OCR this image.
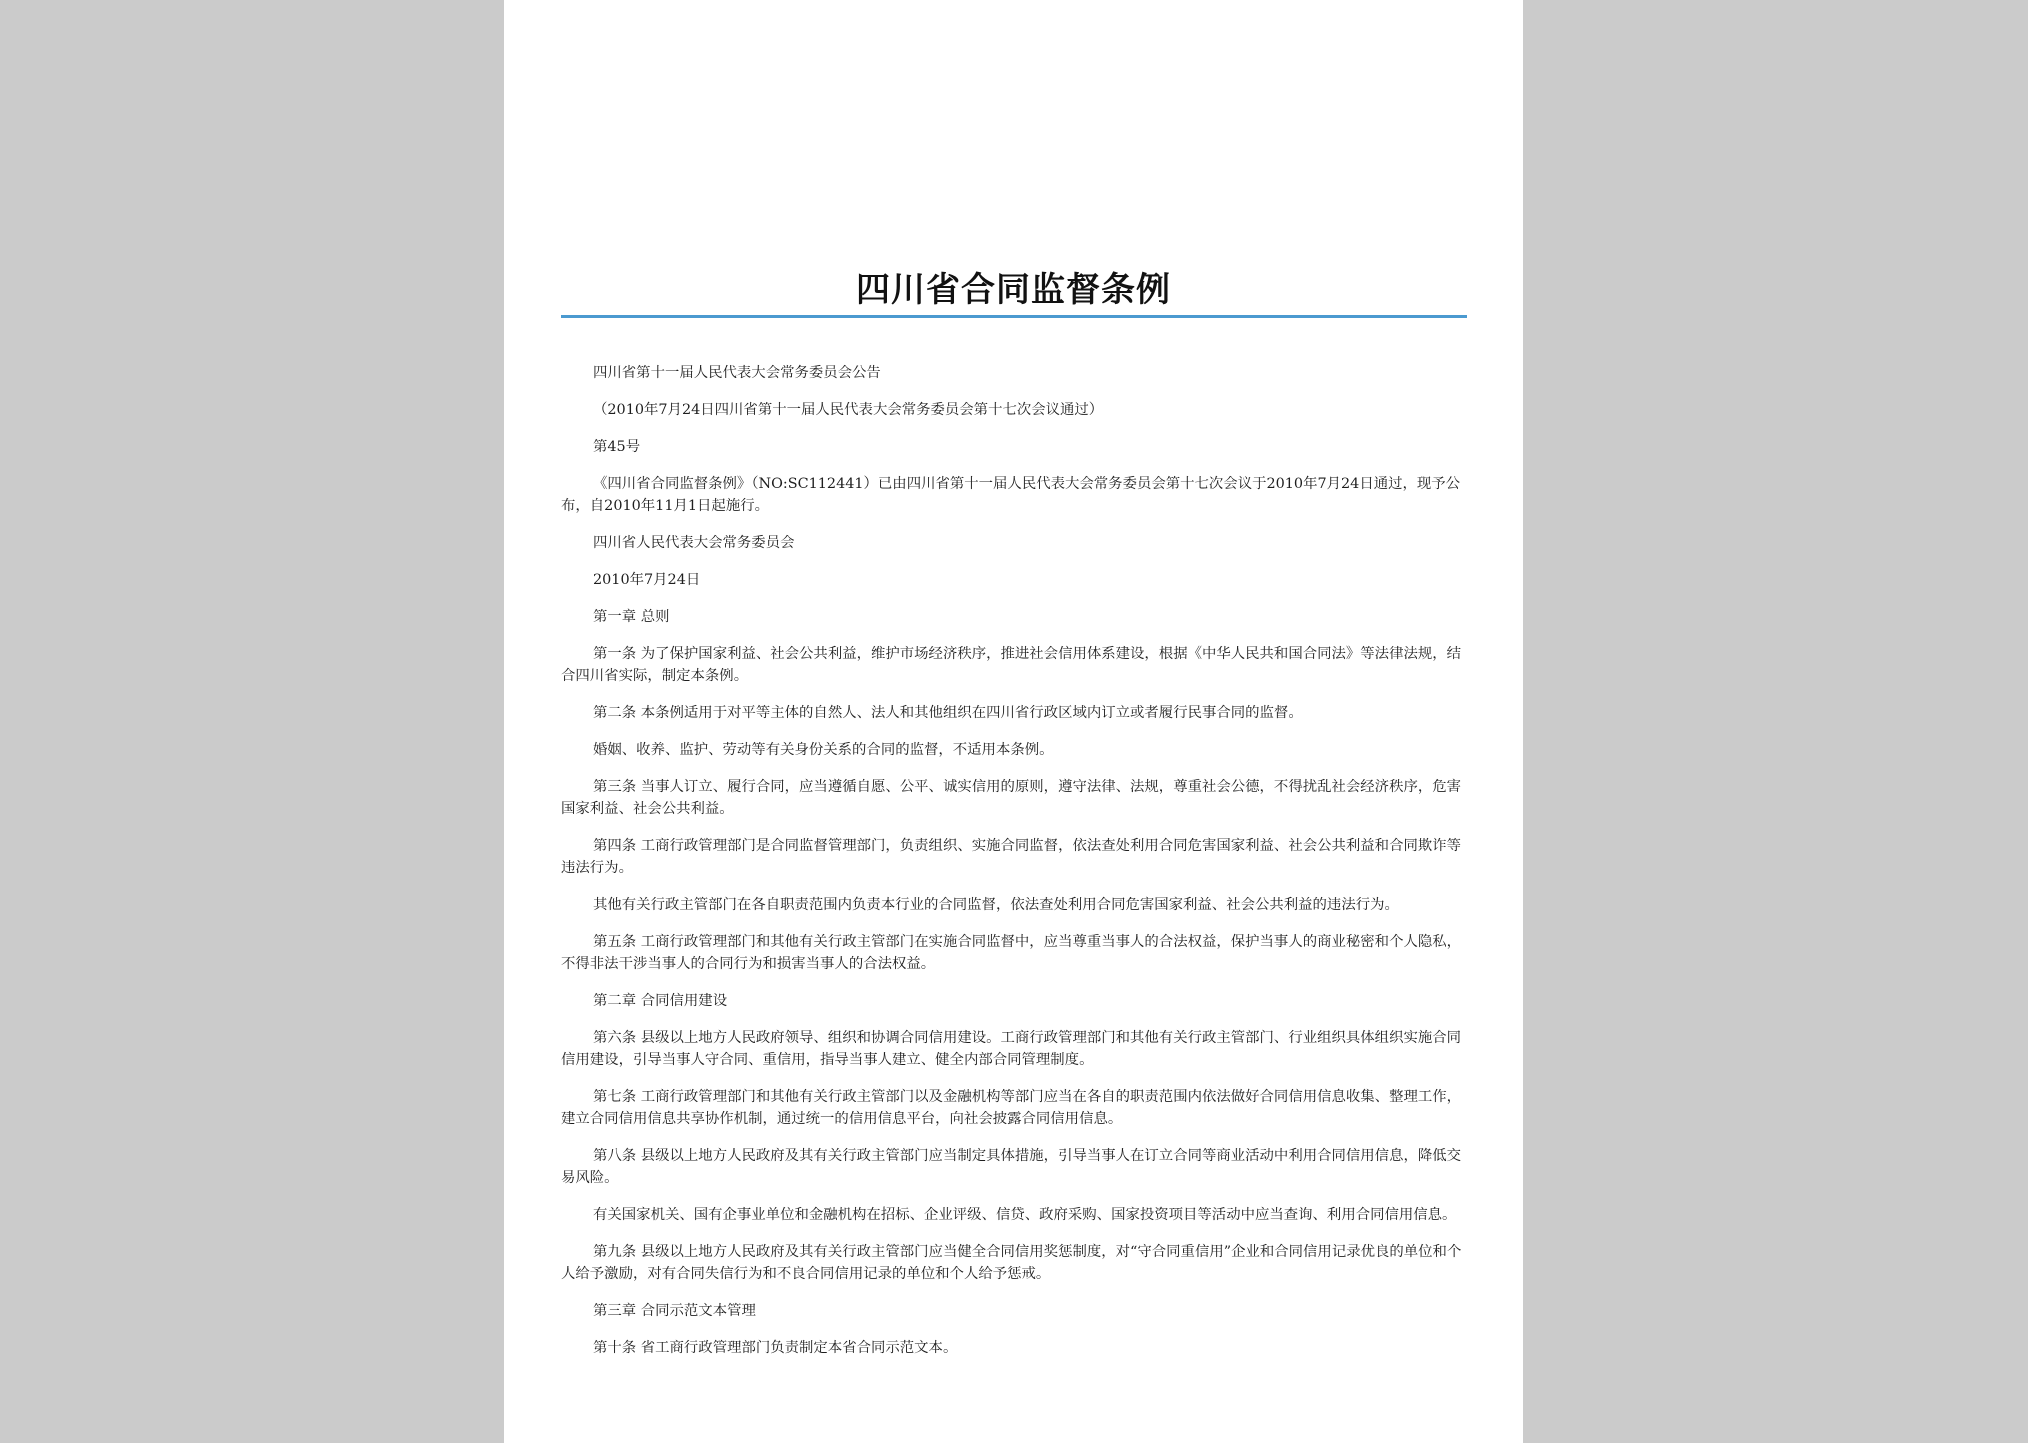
四川省合同监督条例

四川省第十一届人民代表大会常务委员会公告

（2010年7月24日四川省第十一届人民代表大会常务委员会第十七次会议通过）

第45号

《四川省合同监督条例》（NO:SC112441）已由四川省第十一届人民代表大会常务委员会第十七次会议于2010年7月24日通过，现予公布，自2010年11月1日起施行。

四川省人民代表大会常务委员会

2010年7月24日

第一章 总则

第一条 为了保护国家利益、社会公共利益，维护市场经济秩序，推进社会信用体系建设，根据《中华人民共和国合同法》等法律法规，结合四川省实际，制定本条例。

第二条 本条例适用于对平等主体的自然人、法人和其他组织在四川省行政区域内订立或者履行民事合同的监督。

婚姻、收养、监护、劳动等有关身份关系的合同的监督，不适用本条例。

第三条 当事人订立、履行合同，应当遵循自愿、公平、诚实信用的原则，遵守法律、法规，尊重社会公德，不得扰乱社会经济秩序，危害国家利益、社会公共利益。

第四条 工商行政管理部门是合同监督管理部门，负责组织、实施合同监督，依法查处利用合同危害国家利益、社会公共利益和合同欺诈等违法行为。

其他有关行政主管部门在各自职责范围内负责本行业的合同监督，依法查处利用合同危害国家利益、社会公共利益的违法行为。

第五条 工商行政管理部门和其他有关行政主管部门在实施合同监督中，应当尊重当事人的合法权益，保护当事人的商业秘密和个人隐私，不得非法干涉当事人的合同行为和损害当事人的合法权益。

第二章 合同信用建设

第六条 县级以上地方人民政府领导、组织和协调合同信用建设。工商行政管理部门和其他有关行政主管部门、行业组织具体组织实施合同信用建设，引导当事人守合同、重信用，指导当事人建立、健全内部合同管理制度。

第七条 工商行政管理部门和其他有关行政主管部门以及金融机构等部门应当在各自的职责范围内依法做好合同信用信息收集、整理工作，建立合同信用信息共享协作机制，通过统一的信用信息平台，向社会披露合同信用信息。

第八条 县级以上地方人民政府及其有关行政主管部门应当制定具体措施，引导当事人在订立合同等商业活动中利用合同信用信息，降低交易风险。

有关国家机关、国有企事业单位和金融机构在招标、企业评级、信贷、政府采购、国家投资项目等活动中应当查询、利用合同信用信息。

第九条 县级以上地方人民政府及其有关行政主管部门应当健全合同信用奖惩制度，对“守合同重信用”企业和合同信用记录优良的单位和个人给予激励，对有合同失信行为和不良合同信用记录的单位和个人给予惩戒。

第三章 合同示范文本管理

第十条 省工商行政管理部门负责制定本省合同示范文本。
